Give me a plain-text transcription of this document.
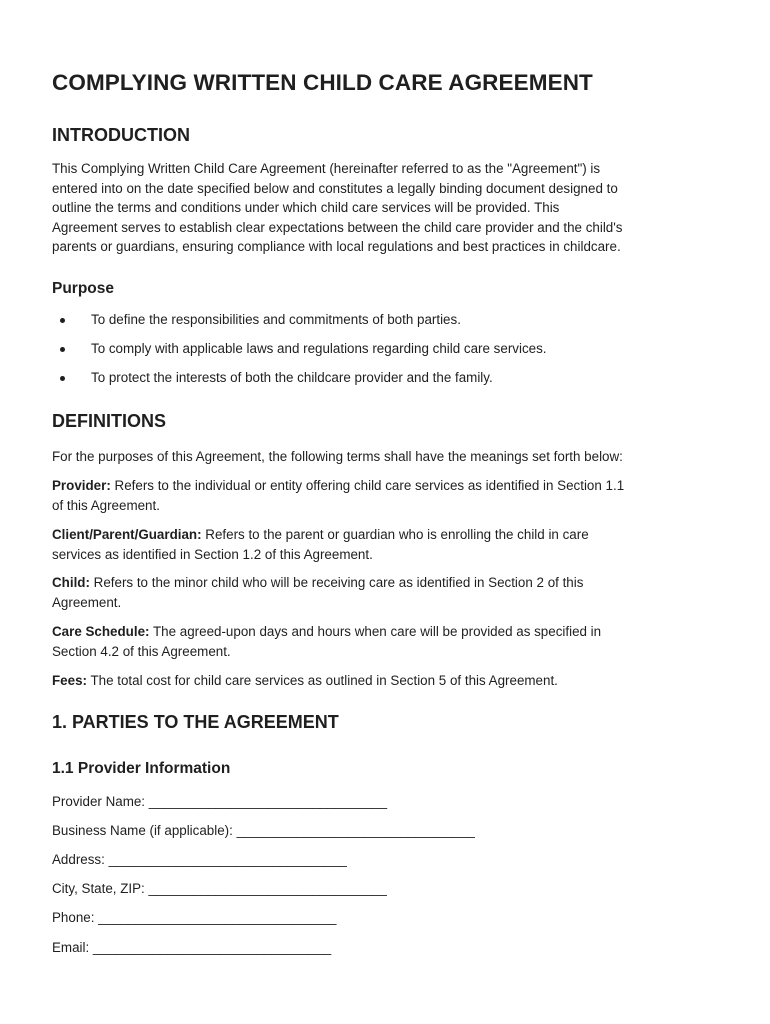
COMPLYING WRITTEN CHILD CARE AGREEMENT
INTRODUCTION

This Complying Written Child Care Agreement (hereinafter referred to as the "Agreement") is
entered into on the date specified below and constitutes a legally binding document designed to
outline the terms and conditions under which child care services will be provided. This
Agreement serves to establish clear expectations between the child care provider and the child's
parents or guardians, ensuring compliance with local regulations and best practices in childcare.

Purpose
To define the responsibilities and commitments of both parties.
To comply with applicable laws and regulations regarding child care services.
To protect the interests of both the childcare provider and the family.
DEFINITIONS

For the purposes of this Agreement, the following terms shall have the meanings set forth below:

Provider: Refers to the individual or entity offering child care services as identified in Section 1.1
of this Agreement.

Client/Parent/Guardian: Refers to the parent or guardian who is enrolling the child in care
services as identified in Section 1.2 of this Agreement.

Child: Refers to the minor child who will be receiving care as identified in Section 2 of this
Agreement.

Care Schedule: The agreed-upon days and hours when care will be provided as specified in
Section 4.2 of this Agreement.

Fees: The total cost for child care services as outlined in Section 5 of this Agreement.

1. PARTIES TO THE AGREEMENT
1.1 Provider Information
Provider Name: ________________________________
Business Name (if applicable): ________________________________
Address: ________________________________
City, State, ZIP: ________________________________
Phone: ________________________________
Email: ________________________________
